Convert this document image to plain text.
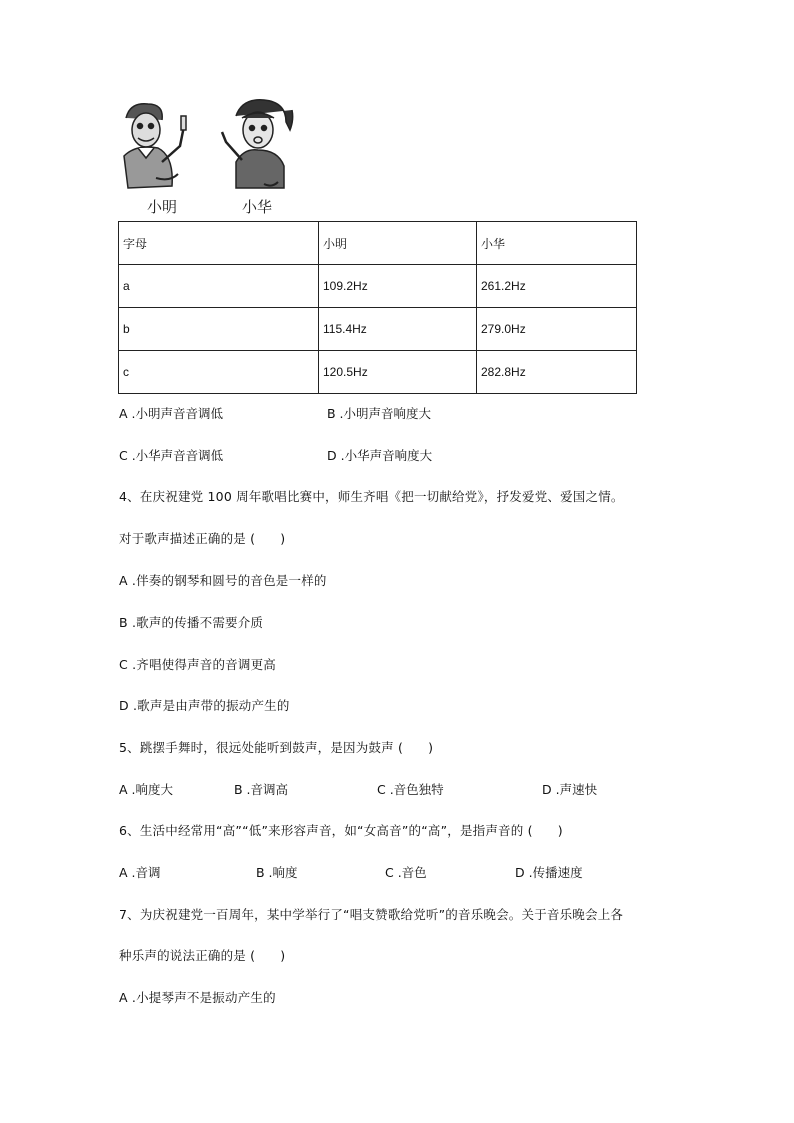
小明	小华
字母	小明	小华
a	109.2Hz	261.2Hz
b	115.4Hz	279.0Hz
c	120.5Hz	282.8Hz
A .小明声音音调低	B .小明声音响度大
C .小华声音音调低	D .小华声音响度大
4、在庆祝建党 100 周年歌唱比赛中，师生齐唱《把一切献给党》，抒发爱党、爱国之情。
对于歌声描述正确的是 (      )
A .伴奏的钢琴和圆号的音色是一样的
B .歌声的传播不需要介质
C .齐唱使得声音的音调更高
D .歌声是由声带的振动产生的
5、跳摆手舞时，很远处能听到鼓声，是因为鼓声 (      )
A .响度大	B .音调高	C .音色独特	D .声速快
6、生活中经常用“高”“低”来形容声音，如“女高音”的“高”，是指声音的 (      )
A .音调	B .响度	C .音色	D .传播速度
7、为庆祝建党一百周年，某中学举行了“唱支赞歌给党听”的音乐晚会。关于音乐晚会上各
种乐声的说法正确的是 (      )
A .小提琴声不是振动产生的
